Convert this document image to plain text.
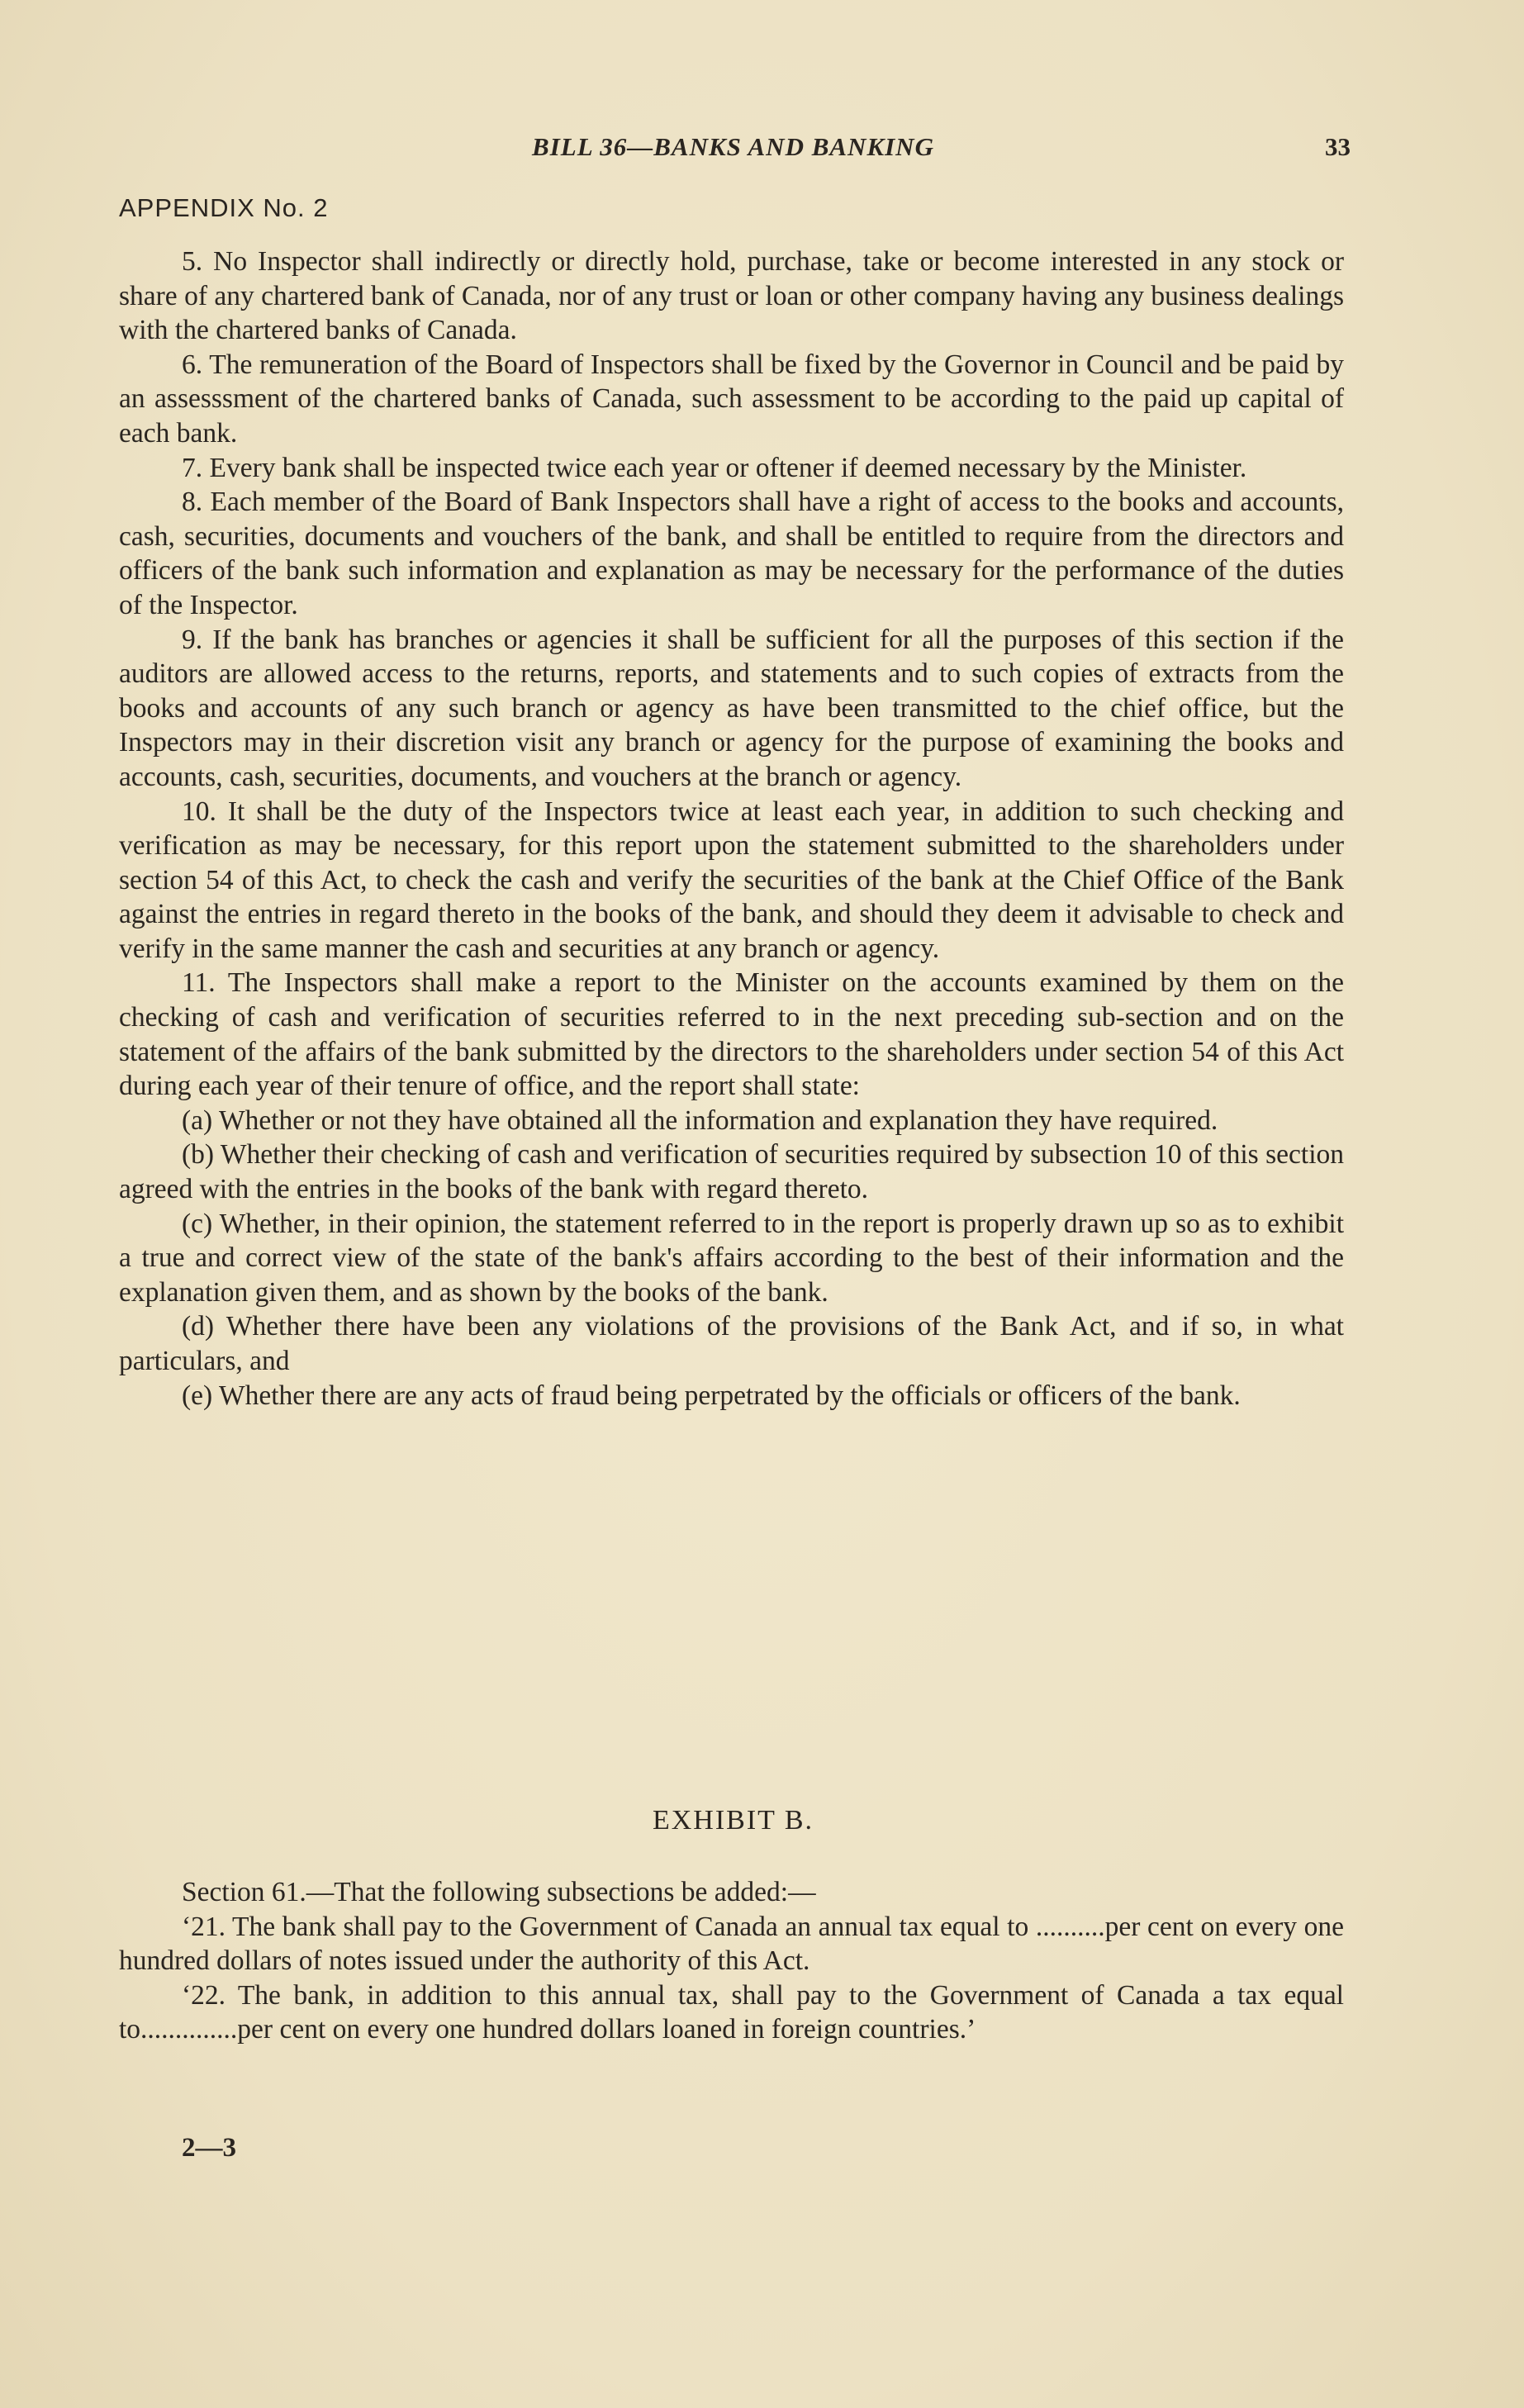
BILL 36—BANKS AND BANKING	33
APPENDIX No. 2

5. No Inspector shall indirectly or directly hold, purchase, take or become interested in any stock or share of any chartered bank of Canada, nor of any trust or loan or other company having any business dealings with the chartered banks of Canada.

6. The remuneration of the Board of Inspectors shall be fixed by the Governor in Council and be paid by an assesssment of the chartered banks of Canada, such assessment to be according to the paid up capital of each bank.

7. Every bank shall be inspected twice each year or oftener if deemed necessary by the Minister.

8. Each member of the Board of Bank Inspectors shall have a right of access to the books and accounts, cash, securities, documents and vouchers of the bank, and shall be entitled to require from the directors and officers of the bank such information and explanation as may be necessary for the performance of the duties of the Inspector.

9. If the bank has branches or agencies it shall be sufficient for all the purposes of this section if the auditors are allowed access to the returns, reports, and statements and to such copies of extracts from the books and accounts of any such branch or agency as have been transmitted to the chief office, but the Inspectors may in their discretion visit any branch or agency for the purpose of examining the books and accounts, cash, securities, documents, and vouchers at the branch or agency.

10. It shall be the duty of the Inspectors twice at least each year, in addition to such checking and verification as may be necessary, for this report upon the statement submitted to the shareholders under section 54 of this Act, to check the cash and verify the securities of the bank at the Chief Office of the Bank against the entries in regard thereto in the books of the bank, and should they deem it advisable to check and verify in the same manner the cash and securities at any branch or agency.

11. The Inspectors shall make a report to the Minister on the accounts examined by them on the checking of cash and verification of securities referred to in the next preceding sub-section and on the statement of the affairs of the bank submitted by the directors to the shareholders under section 54 of this Act during each year of their tenure of office, and the report shall state:

(a) Whether or not they have obtained all the information and explanation they have required.

(b) Whether their checking of cash and verification of securities required by subsection 10 of this section agreed with the entries in the books of the bank with regard thereto.

(c) Whether, in their opinion, the statement referred to in the report is properly drawn up so as to exhibit a true and correct view of the state of the bank's affairs according to the best of their information and the explanation given them, and as shown by the books of the bank.

(d) Whether there have been any violations of the provisions of the Bank Act, and if so, in what particulars, and

(e) Whether there are any acts of fraud being perpetrated by the officials or officers of the bank.

EXHIBIT B.

Section 61.—That the following subsections be added:—

‘21. The bank shall pay to the Government of Canada an annual tax equal to ..........per cent on every one hundred dollars of notes issued under the authority of this Act.

‘22. The bank, in addition to this annual tax, shall pay to the Government of Canada a tax equal to..............per cent on every one hundred dollars loaned in foreign countries.’

2—3
